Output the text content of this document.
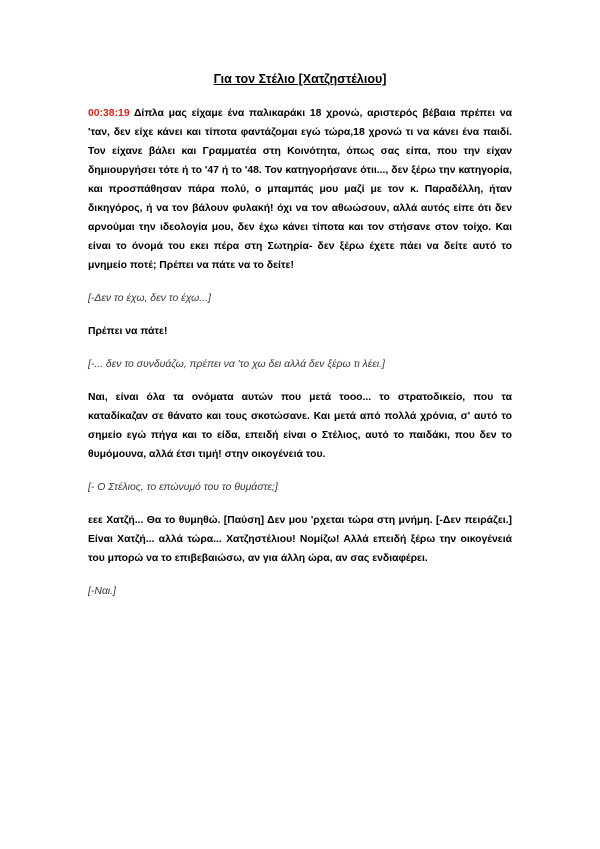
Για τον Στέλιο [Χατζηστέλιου]

00:38:19 Δίπλα μας είχαμε ένα παλικαράκι 18 χρονώ, αριστερός βέβαια πρέπει να 'ταν, δεν είχε κάνει και τίποτα φαντάζομαι εγώ τώρα,18 χρονώ τι να κάνει ένα παιδί. Τον είχανε βάλει και Γραμματέα στη Κοινότητα, όπως σας είπα, που την είχαν δημιουργήσει τότε ή το '47 ή το '48. Τον κατηγορήσανε ότιι..., δεν ξέρω την κατηγορία, και προσπάθησαν πάρα πολύ, ο μπαμπάς μου μαζί με τον κ. Παραδέλλη, ήταν δικηγόρος, ή να τον βάλουν φυλακή! όχι να τον αθωώσουν, αλλά αυτός είπε ότι δεν αρνούμαι την ιδεολογία μου, δεν έχω κάνει τίποτα και τον στήσανε στον τοίχο. Και είναι το όνομά του εκει πέρα στη Σωτηρία- δεν ξέρω έχετε πάει να δείτε αυτό το μνημείο ποτέ; Πρέπει να πάτε να το δείτε!

[-Δεν το έχω, δεν το έχω...]

Πρέπει να πάτε!

[-... δεν το συνδυάζω, πρέπει να 'το χω δει αλλά δεν ξέρω τι λέει.]

Ναι, είναι όλα τα ονόματα αυτών που μετά τοοο... το στρατοδικείο, που τα καταδίκαζαν σε θάνατο και τους σκοτώσανε. Και μετά από πολλά χρόνια, σ' αυτό το σημείο εγώ πήγα και το είδα, επειδή είναι ο Στέλιος, αυτό το παιδάκι, που δεν το θυμόμουνα, αλλά έτσι τιμή! στην οικογένειά του.

[- Ο Στέλιος, το επώνυμό του το θυμάστε;]

εεε Χατζή... Θα το θυμηθώ. [Παύση] Δεν μου 'ρχεται τώρα στη μνήμη. [-Δεν πειράζει.] Είναι Χατζή... αλλά τώρα... Χατζηστέλιου! Νομίζω! Αλλά επειδή ξέρω την οικογένειά του μπορώ να το επιβεβαιώσω, αν για άλλη ώρα, αν σας ενδιαφέρει.

[-Ναι.]
